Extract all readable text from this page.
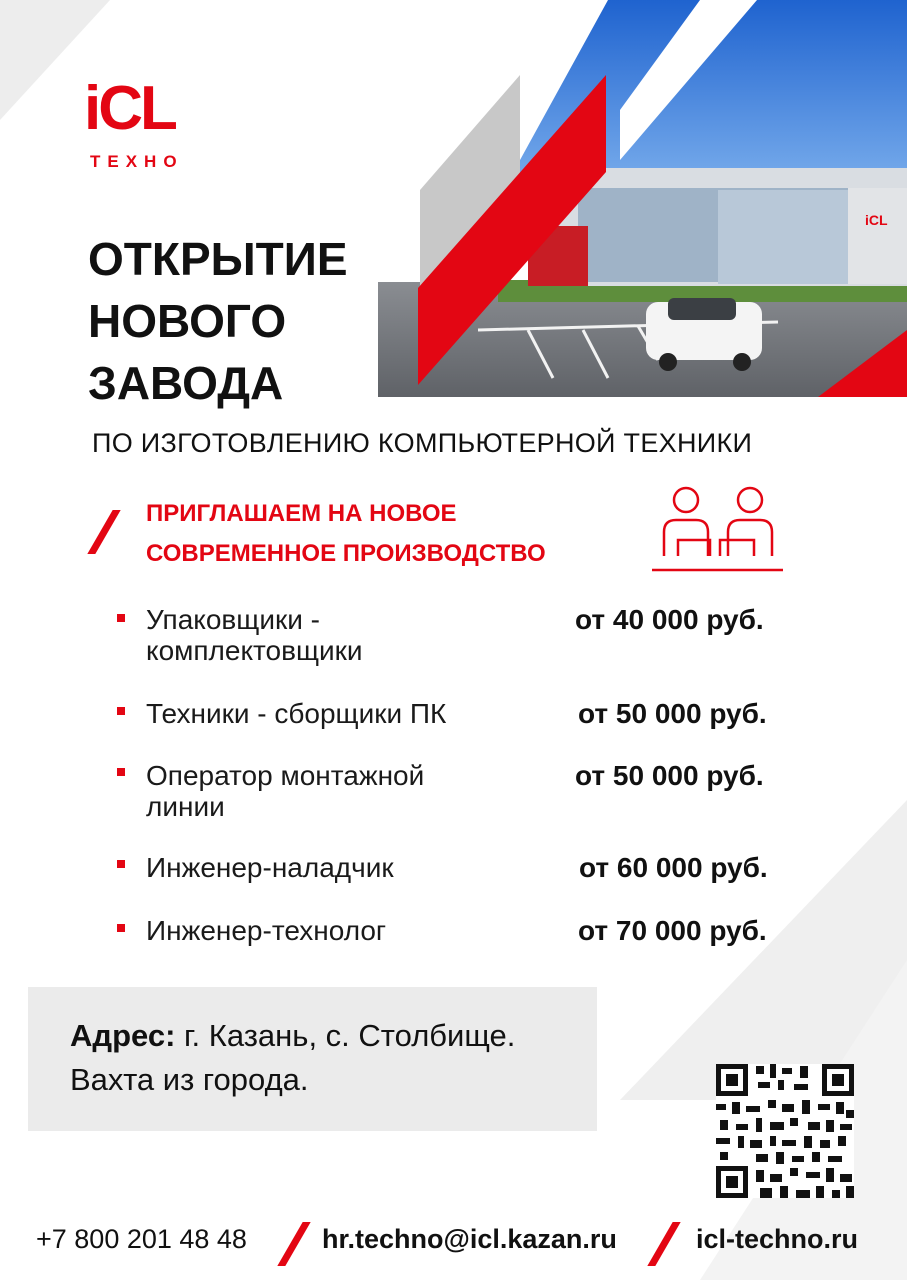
iCL
iCL
ТЕХНО
ОТКРЫТИЕ
НОВОГО
ЗАВОДА
ПО ИЗГОТОВЛЕНИЮ КОМПЬЮТЕРНОЙ ТЕХНИКИ
ПРИГЛАШАЕМ НА НОВОЕ
СОВРЕМЕННОЕ ПРОИЗВОДСТВО
Упаковщики -
комплектовщики
от 40 000 руб.
Техники - сборщики ПК	от 50 000 руб.
Оператор монтажной
линии
от 50 000 руб.
Инженер-наладчик	от 60 000 руб.
Инженер-технолог	от 70 000 руб.
Адрес: г. Казань, с. Столбище.
Вахта из города.
+7 800 201 48 48	hr.techno@icl.kazan.ru	icl-techno.ru
